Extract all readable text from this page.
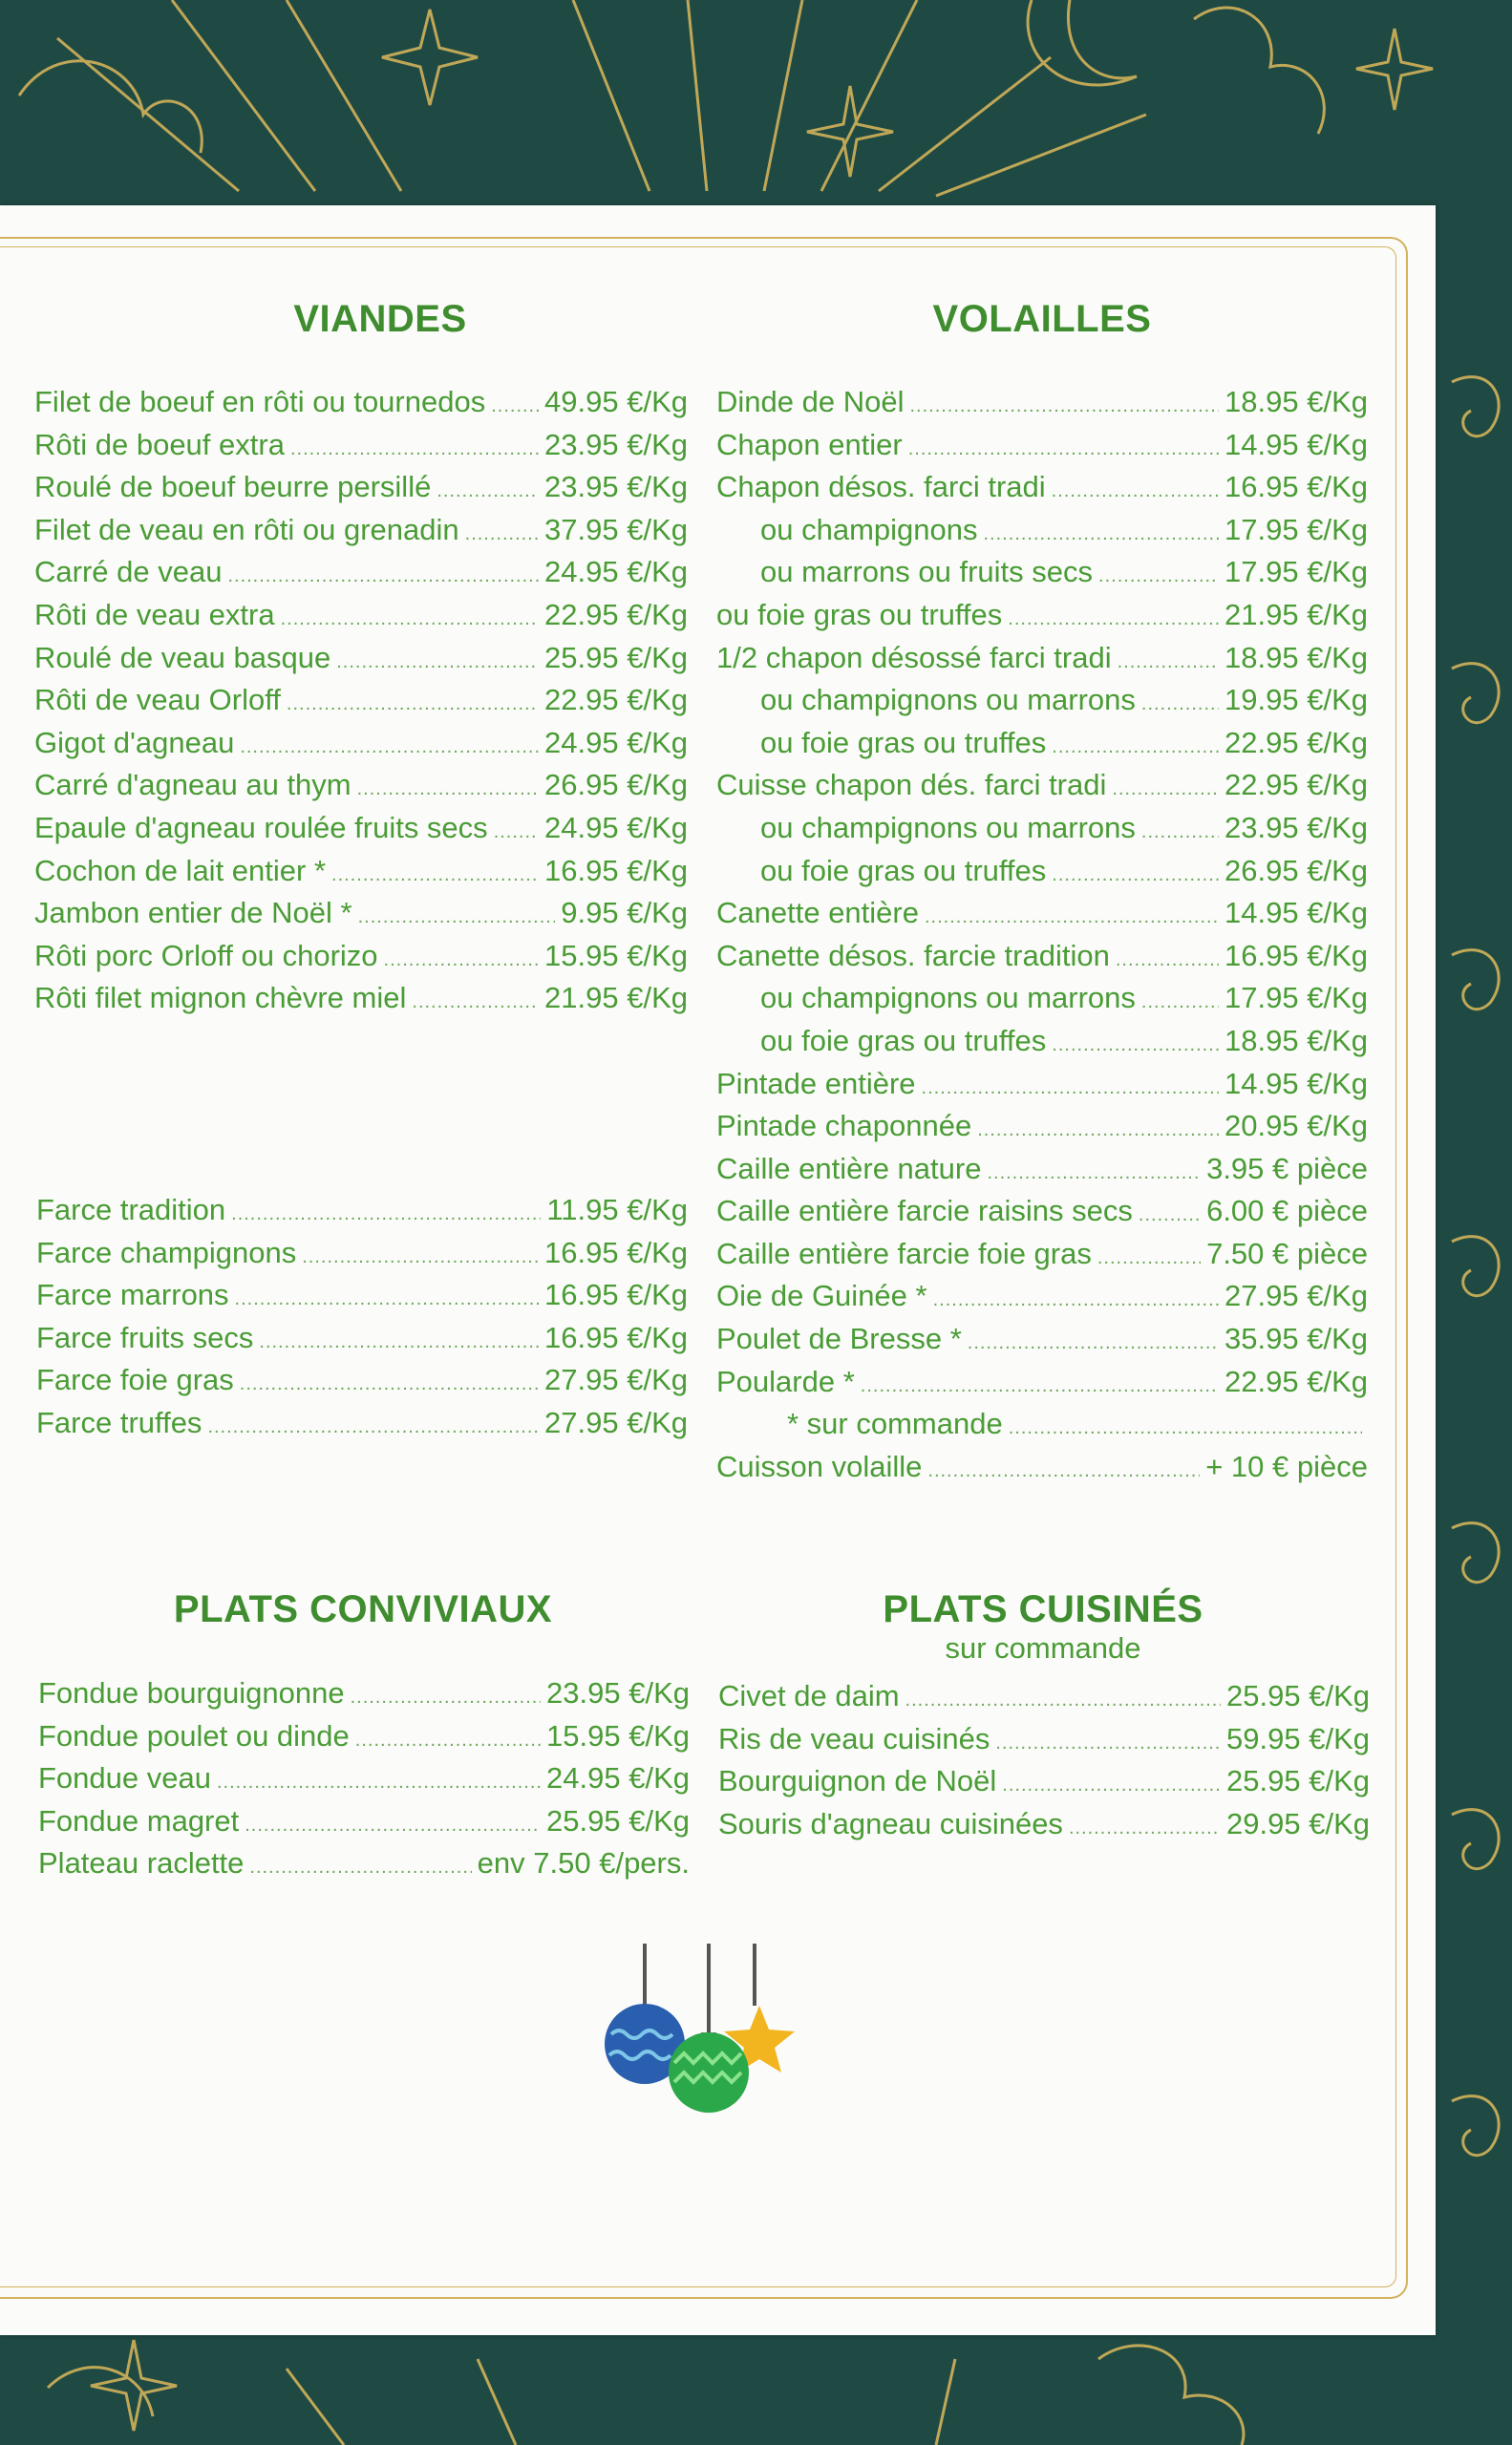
VIANDES
Filet de boeuf en rôti ou tournedos ..... 49.95 €/Kg
Rôti de boeuf extra .....	23.95 €/Kg
Roulé de boeuf beurre persillé .....	23.95 €/Kg
Filet de veau en rôti ou grenadin .....	37.95 €/Kg
Carré de veau .....	24.95 €/Kg
Rôti de veau extra .....	22.95 €/Kg
Roulé de veau basque .....	25.95 €/Kg
Rôti de veau Orloff .....	22.95 €/Kg
Gigot d'agneau .....	24.95 €/Kg
Carré d'agneau au thym .....	26.95 €/Kg
Epaule d'agneau roulée fruits secs ..... 24.95 €/Kg
Cochon de lait entier * .....	16.95 €/Kg
Jambon entier de Noël * .....	9.95 €/Kg
Rôti porc Orloff ou chorizo .....	15.95 €/Kg
Rôti filet mignon chèvre miel .....	21.95 €/Kg
Farce tradition .....	11.95 €/Kg
Farce champignons .....	16.95 €/Kg
Farce marrons .....	16.95 €/Kg
Farce fruits secs .....	16.95 €/Kg
Farce foie gras .....	27.95 €/Kg
Farce truffes .....	27.95 €/Kg
VOLAILLES
Dinde de Noël .....	18.95 €/Kg
Chapon entier .....	14.95 €/Kg
Chapon désos. farci tradi .....	16.95 €/Kg
ou champignons .....	17.95 €/Kg
ou marrons ou fruits secs .....	17.95 €/Kg
ou foie gras ou truffes .....	21.95 €/Kg
1/2 chapon désossé farci tradi .....	18.95 €/Kg
ou champignons ou marrons .....	19.95 €/Kg
ou foie gras ou truffes .....	22.95 €/Kg
Cuisse chapon dés. farci tradi .....	22.95 €/Kg
ou champignons ou marrons .....	23.95 €/Kg
ou foie gras ou truffes .....	26.95 €/Kg
Canette entière .....	14.95 €/Kg
Canette désos. farcie tradition .....	16.95 €/Kg
ou champignons ou marrons .....	17.95 €/Kg
ou foie gras ou truffes .....	18.95 €/Kg
Pintade entière .....	14.95 €/Kg
Pintade chaponnée .....	20.95 €/Kg
Caille entière nature .....	3.95 € pièce
Caille entière farcie raisins secs ..... 6.00 € pièce
Caille entière farcie foie gras .....	7.50 € pièce
Oie de Guinée * .....	27.95 €/Kg
Poulet de Bresse * .....	35.95 €/Kg
Poularde * .....	22.95 €/Kg
* sur commande
.....
Cuisson volaille .....	+ 10 € pièce
PLATS CONVIVIAUX
Fondue bourguignonne .....	23.95 €/Kg
Fondue poulet ou dinde .....	15.95 €/Kg
Fondue veau .....	24.95 €/Kg
Fondue magret .....	25.95 €/Kg
Plateau raclette .....	env 7.50 €/pers.
PLATS CUISINÉS
sur commande
Civet de daim .....	25.95 €/Kg
Ris de veau cuisinés .....	59.95 €/Kg
Bourguignon de Noël .....	25.95 €/Kg
Souris d'agneau cuisinées .....	29.95 €/Kg
